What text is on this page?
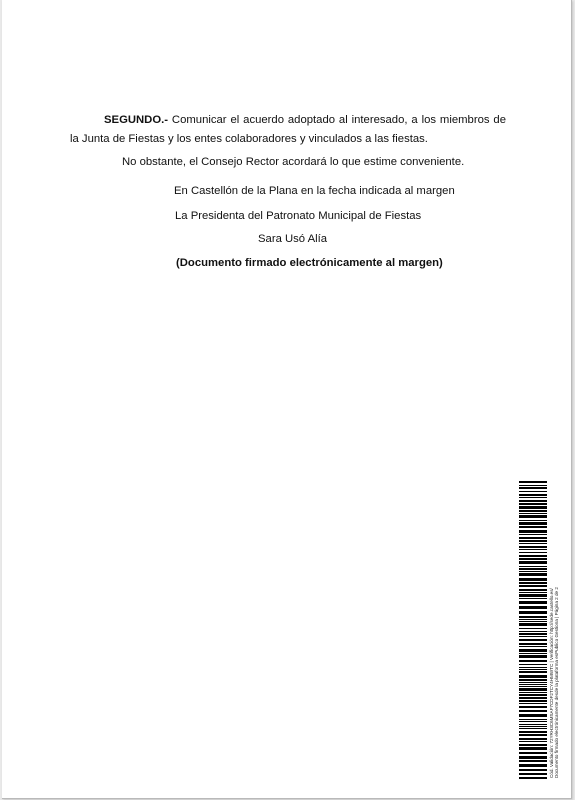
SEGUNDO.- Comunicar el acuerdo adoptado al interesado, a los miembros de la Junta de Fiestas y los entes colaboradores y vinculados a las fiestas.
No obstante, el Consejo Rector acordará lo que estime conveniente.
En Castellón de la Plana en la fecha indicada al margen
La Presidenta del Patronato Municipal de Fiestas
Sara Usó Alía
(Documento firmado electrónicamente al margen)
Cód. Validación: 72YRH3C6MSAF7CDF2TCY4HMWTC | Verificación: http://sede.castello.es/ Documento firmado electrónicamente desde la plataforma esPublico Gestiona | Página 2 de 2
